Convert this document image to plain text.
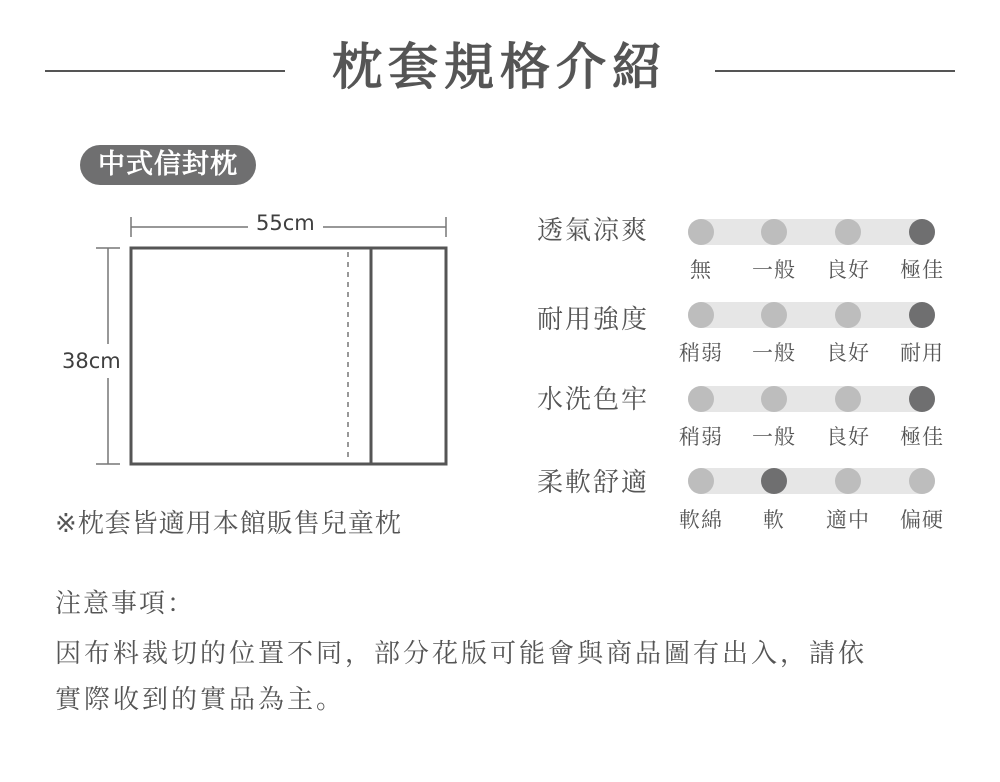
枕套規格介紹
中式信封枕
55cm
38cm
※枕套皆適用本館販售兒童枕
透氣涼爽
無	一般	良好	極佳
耐用強度
稍弱	一般	良好	耐用
水洗色牢
稍弱	一般	良好	極佳
柔軟舒適
軟綿	軟	適中	偏硬
注意事項：
因布料裁切的位置不同，部分花版可能會與商品圖有出入，請依
實際收到的實品為主。
